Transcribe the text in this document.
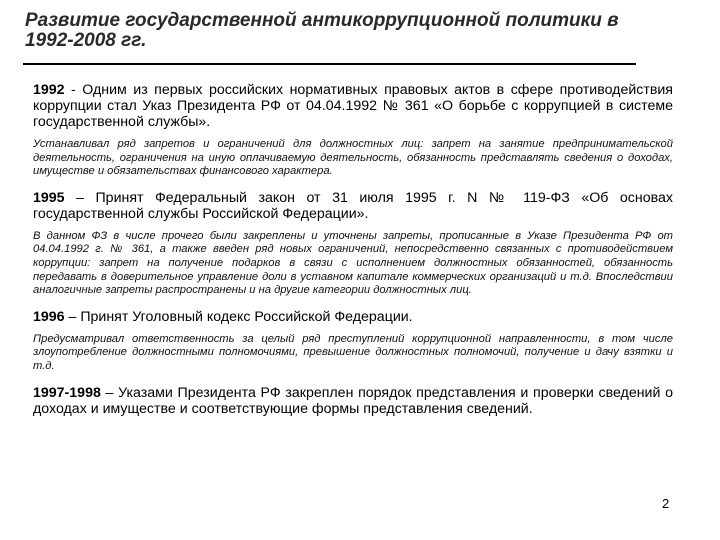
Развитие государственной антикоррупционной политики в 1992-2008 гг.

1992 - Одним из первых российских нормативных правовых актов в сфере противодействия коррупции стал Указ Президента РФ от 04.04.1992 № 361 «О борьбе с коррупцией в системе государственной службы».

Устанавливал ряд запретов и ограничений для должностных лиц: запрет на занятие предпринимательской деятельность, ограничения на иную оплачиваемую деятельность, обязанность представлять сведения о доходах, имуществе и обязательствах финансового характера.

1995 – Принят Федеральный закон от 31 июля 1995 г. N № 119-ФЗ «Об основах государственной службы Российской Федерации».

В данном ФЗ в числе прочего были закреплены и уточнены запреты, прописанные в Указе Президента РФ от 04.04.1992 г. № 361, а также введен ряд новых ограничений, непосредственно связанных с противодействием коррупции: запрет на получение подарков в связи с исполнением должностных обязанностей, обязанность передавать в доверительное управление доли в уставном капитале коммерческих организаций и т.д. Впоследствии аналогичные запреты распространены и на другие категории должностных лиц.

1996 – Принят Уголовный кодекс Российской Федерации.

Предусматривал ответственность за целый ряд преступлений коррупционной направленности, в том числе злоупотребление должностными полномочиями, превышение должностных полномочий, получение и дачу взятки и т.д.

1997-1998 – Указами Президента РФ закреплен порядок представления и проверки сведений о доходах и имуществе и соответствующие формы представления сведений.

2
